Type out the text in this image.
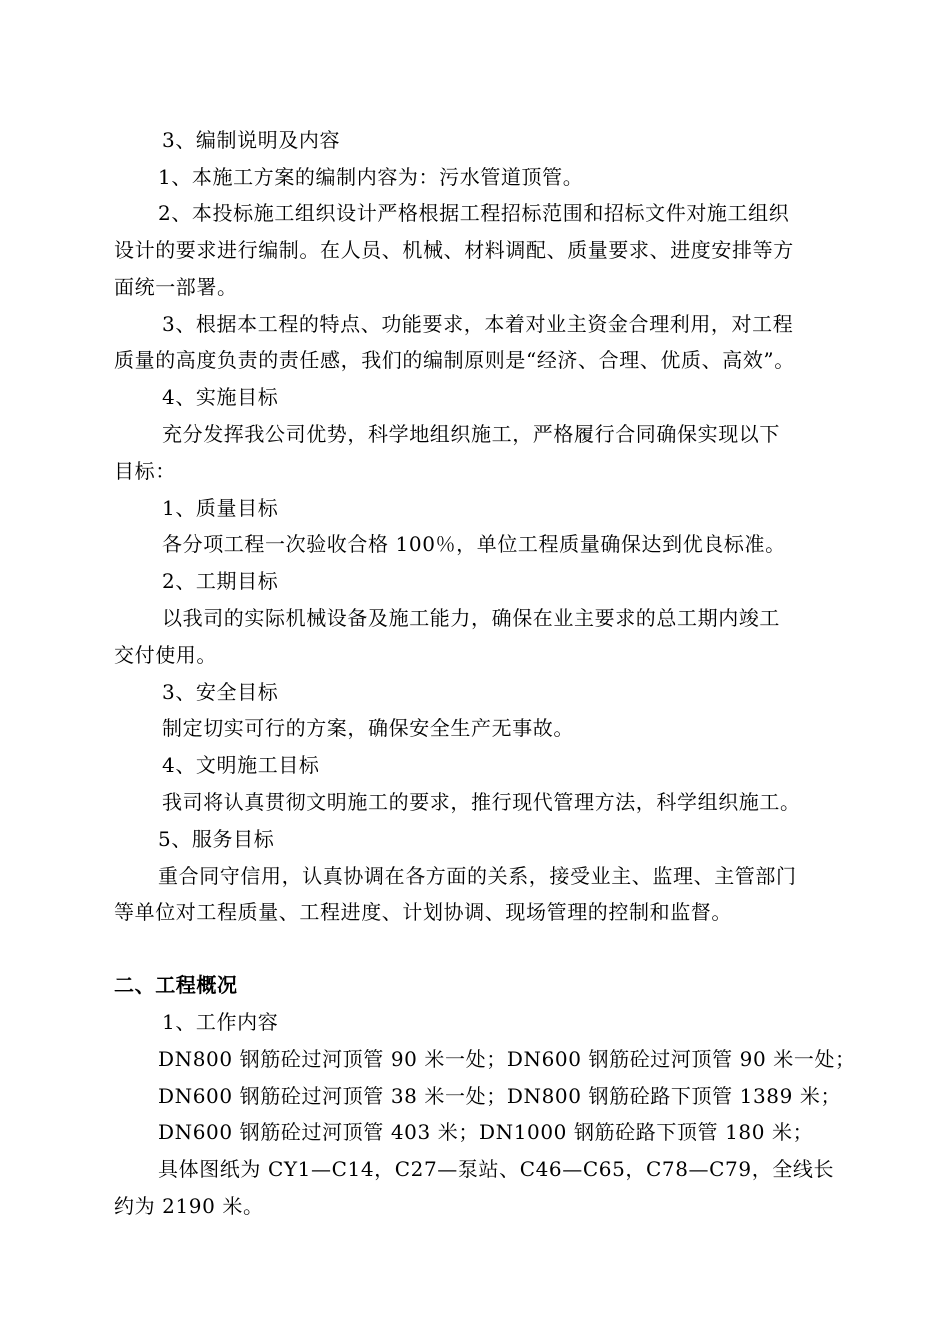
3、编制说明及内容
1、本施工方案的编制内容为：污水管道顶管。
2、本投标施工组织设计严格根据工程招标范围和招标文件对施工组织
设计的要求进行编制。在人员、机械、材料调配、质量要求、进度安排等方
面统一部署。
3、根据本工程的特点、功能要求，本着对业主资金合理利用，对工程
质量的高度负责的责任感，我们的编制原则是“经济、合理、优质、高效”。
4、实施目标
充分发挥我公司优势，科学地组织施工，严格履行合同确保实现以下
目标：
1、质量目标
各分项工程一次验收合格 100％，单位工程质量确保达到优良标准。
2、工期目标
以我司的实际机械设备及施工能力，确保在业主要求的总工期内竣工
交付使用。
3、安全目标
制定切实可行的方案，确保安全生产无事故。
4、文明施工目标
我司将认真贯彻文明施工的要求，推行现代管理方法，科学组织施工。
5、服务目标
重合同守信用，认真协调在各方面的关系，接受业主、监理、主管部门
等单位对工程质量、工程进度、计划协调、现场管理的控制和监督。
二、工程概况
1、工作内容
DN800 钢筋砼过河顶管 90 米一处；DN600 钢筋砼过河顶管 90 米一处；
DN600 钢筋砼过河顶管 38 米一处；DN800 钢筋砼路下顶管 1389 米；
DN600 钢筋砼过河顶管 403 米；DN1000 钢筋砼路下顶管 180 米；
具体图纸为 CY1—C14，C27—泵站、C46—C65，C78—C79，全线长
约为 2190 米。
